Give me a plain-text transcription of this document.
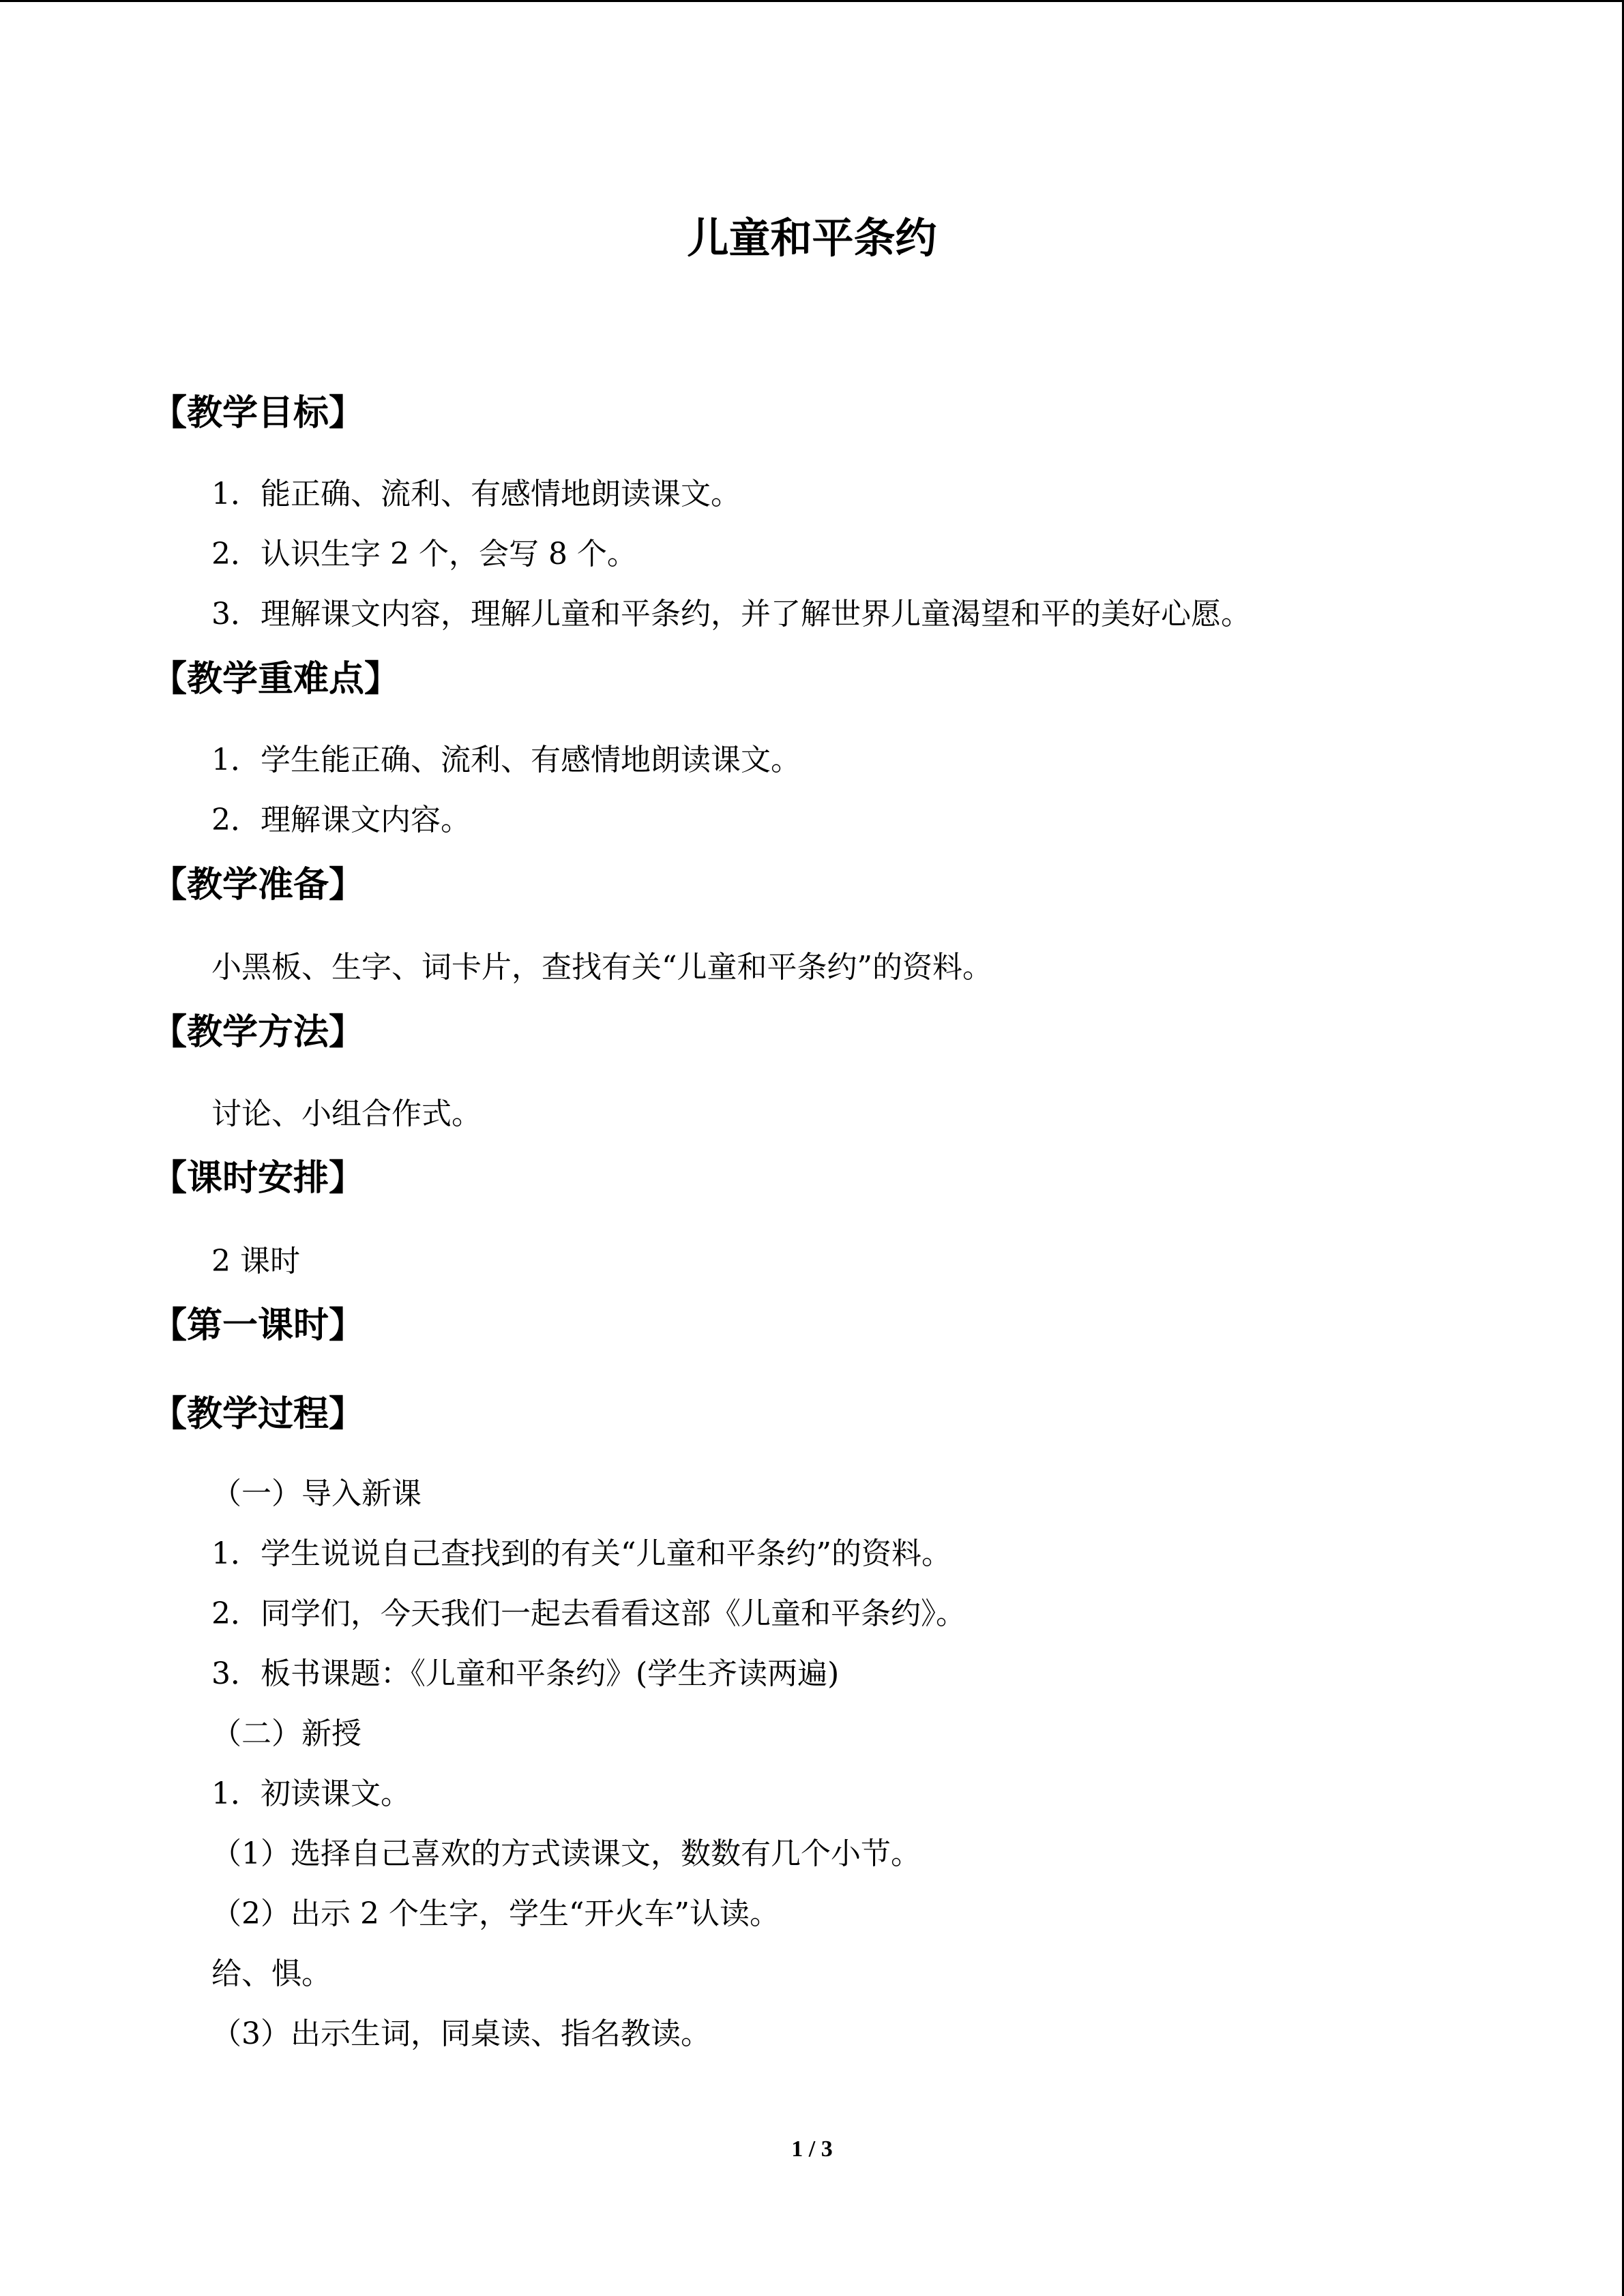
儿童和平条约
【教学目标】
1．能正确、流利、有感情地朗读课文。
2．认识生字 2 个，会写 8 个。
3．理解课文内容，理解儿童和平条约，并了解世界儿童渴望和平的美好心愿。
【教学重难点】
1．学生能正确、流利、有感情地朗读课文。
2．理解课文内容。
【教学准备】
小黑板、生字、词卡片，查找有关“儿童和平条约”的资料。
【教学方法】
讨论、小组合作式。
【课时安排】
2 课时
【第一课时】
【教学过程】
（一）导入新课
1．学生说说自己查找到的有关“儿童和平条约”的资料。
2．同学们，今天我们一起去看看这部《儿童和平条约》。
3．板书课题：《儿童和平条约》(学生齐读两遍)
（二）新授
1．初读课文。
（1）选择自己喜欢的方式读课文，数数有几个小节。
（2）出示 2 个生字，学生“开火车”认读。
给、惧。
（3）出示生词，同桌读、指名教读。
1 / 3
